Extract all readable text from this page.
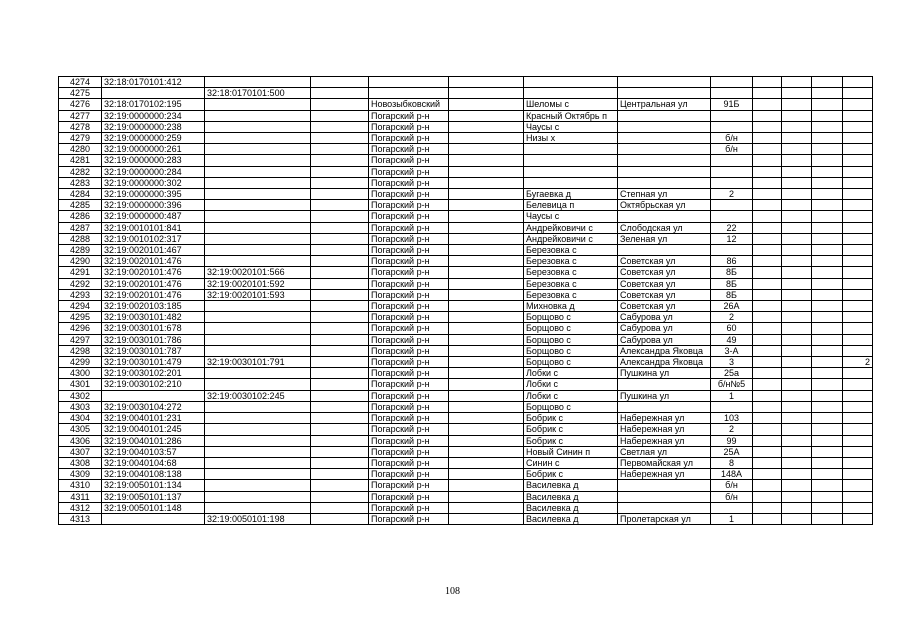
4274	32:18:0170101:412											
4275		32:18:0170101:500										
4276	32:18:0170102:195			Новозыбковский		Шеломы с	Центральная ул	91Б				
4277	32:19:0000000:234			Погарский р-н		Красный Октябрь п						
4278	32:19:0000000:238			Погарский р-н		Чаусы с						
4279	32:19:0000000:259			Погарский р-н		Низы х		б/н				
4280	32:19:0000000:261			Погарский р-н				б/н				
4281	32:19:0000000:283			Погарский р-н								
4282	32:19:0000000:284			Погарский р-н								
4283	32:19:0000000:302			Погарский р-н								
4284	32:19:0000000:395			Погарский р-н		Бугаевка д	Степная ул	2				
4285	32:19:0000000:396			Погарский р-н		Белевица п	Октябрьская ул					
4286	32:19:0000000:487			Погарский р-н		Чаусы с						
4287	32:19:0010101:841			Погарский р-н		Андрейковичи с	Слободская ул	22				
4288	32:19:0010102:317			Погарский р-н		Андрейковичи с	Зеленая ул	12				
4289	32:19:0020101:467			Погарский р-н		Березовка с						
4290	32:19:0020101:476			Погарский р-н		Березовка с	Советская ул	86				
4291	32:19:0020101:476	32:19:0020101:566		Погарский р-н		Березовка с	Советская ул	8Б				
4292	32:19:0020101:476	32:19:0020101:592		Погарский р-н		Березовка с	Советская ул	8Б				
4293	32:19:0020101:476	32:19:0020101:593		Погарский р-н		Березовка с	Советская ул	8Б				
4294	32:19:0020103:185			Погарский р-н		Михновка д	Советская ул	26А				
4295	32:19:0030101:482			Погарский р-н		Борщово с	Сабурова ул	2				
4296	32:19:0030101:678			Погарский р-н		Борщово с	Сабурова ул	60				
4297	32:19:0030101:786			Погарский р-н		Борщово с	Сабурова ул	49				
4298	32:19:0030101:787			Погарский р-н		Борщово с	Александра Яковца	3-А				
4299	32:19:0030101:479	32:19:0030101:791		Погарский р-н		Борщово с	Александра Яковца	3				2
4300	32:19:0030102:201			Погарский р-н		Лобки с	Пушкина ул	25а				
4301	32:19:0030102:210			Погарский р-н		Лобки с		б/н№5				
4302		32:19:0030102:245		Погарский р-н		Лобки с	Пушкина ул	1				
4303	32:19:0030104:272			Погарский р-н		Борщово с						
4304	32:19:0040101:231			Погарский р-н		Бобрик с	Набережная ул	103				
4305	32:19:0040101:245			Погарский р-н		Бобрик с	Набережная ул	2				
4306	32:19:0040101:286			Погарский р-н		Бобрик с	Набережная ул	99				
4307	32:19:0040103:57			Погарский р-н		Новый Синин п	Светлая ул	25А				
4308	32:19:0040104:68			Погарский р-н		Синин с	Первомайская ул	8				
4309	32:19:0040108:138			Погарский р-н		Бобрик с	Набережная ул	148А				
4310	32:19:0050101:134			Погарский р-н		Василевка д		б/н				
4311	32:19:0050101:137			Погарский р-н		Василевка д		б/н				
4312	32:19:0050101:148			Погарский р-н		Василевка д						
4313		32:19:0050101:198		Погарский р-н		Василевка д	Пролетарская ул	1				
108
